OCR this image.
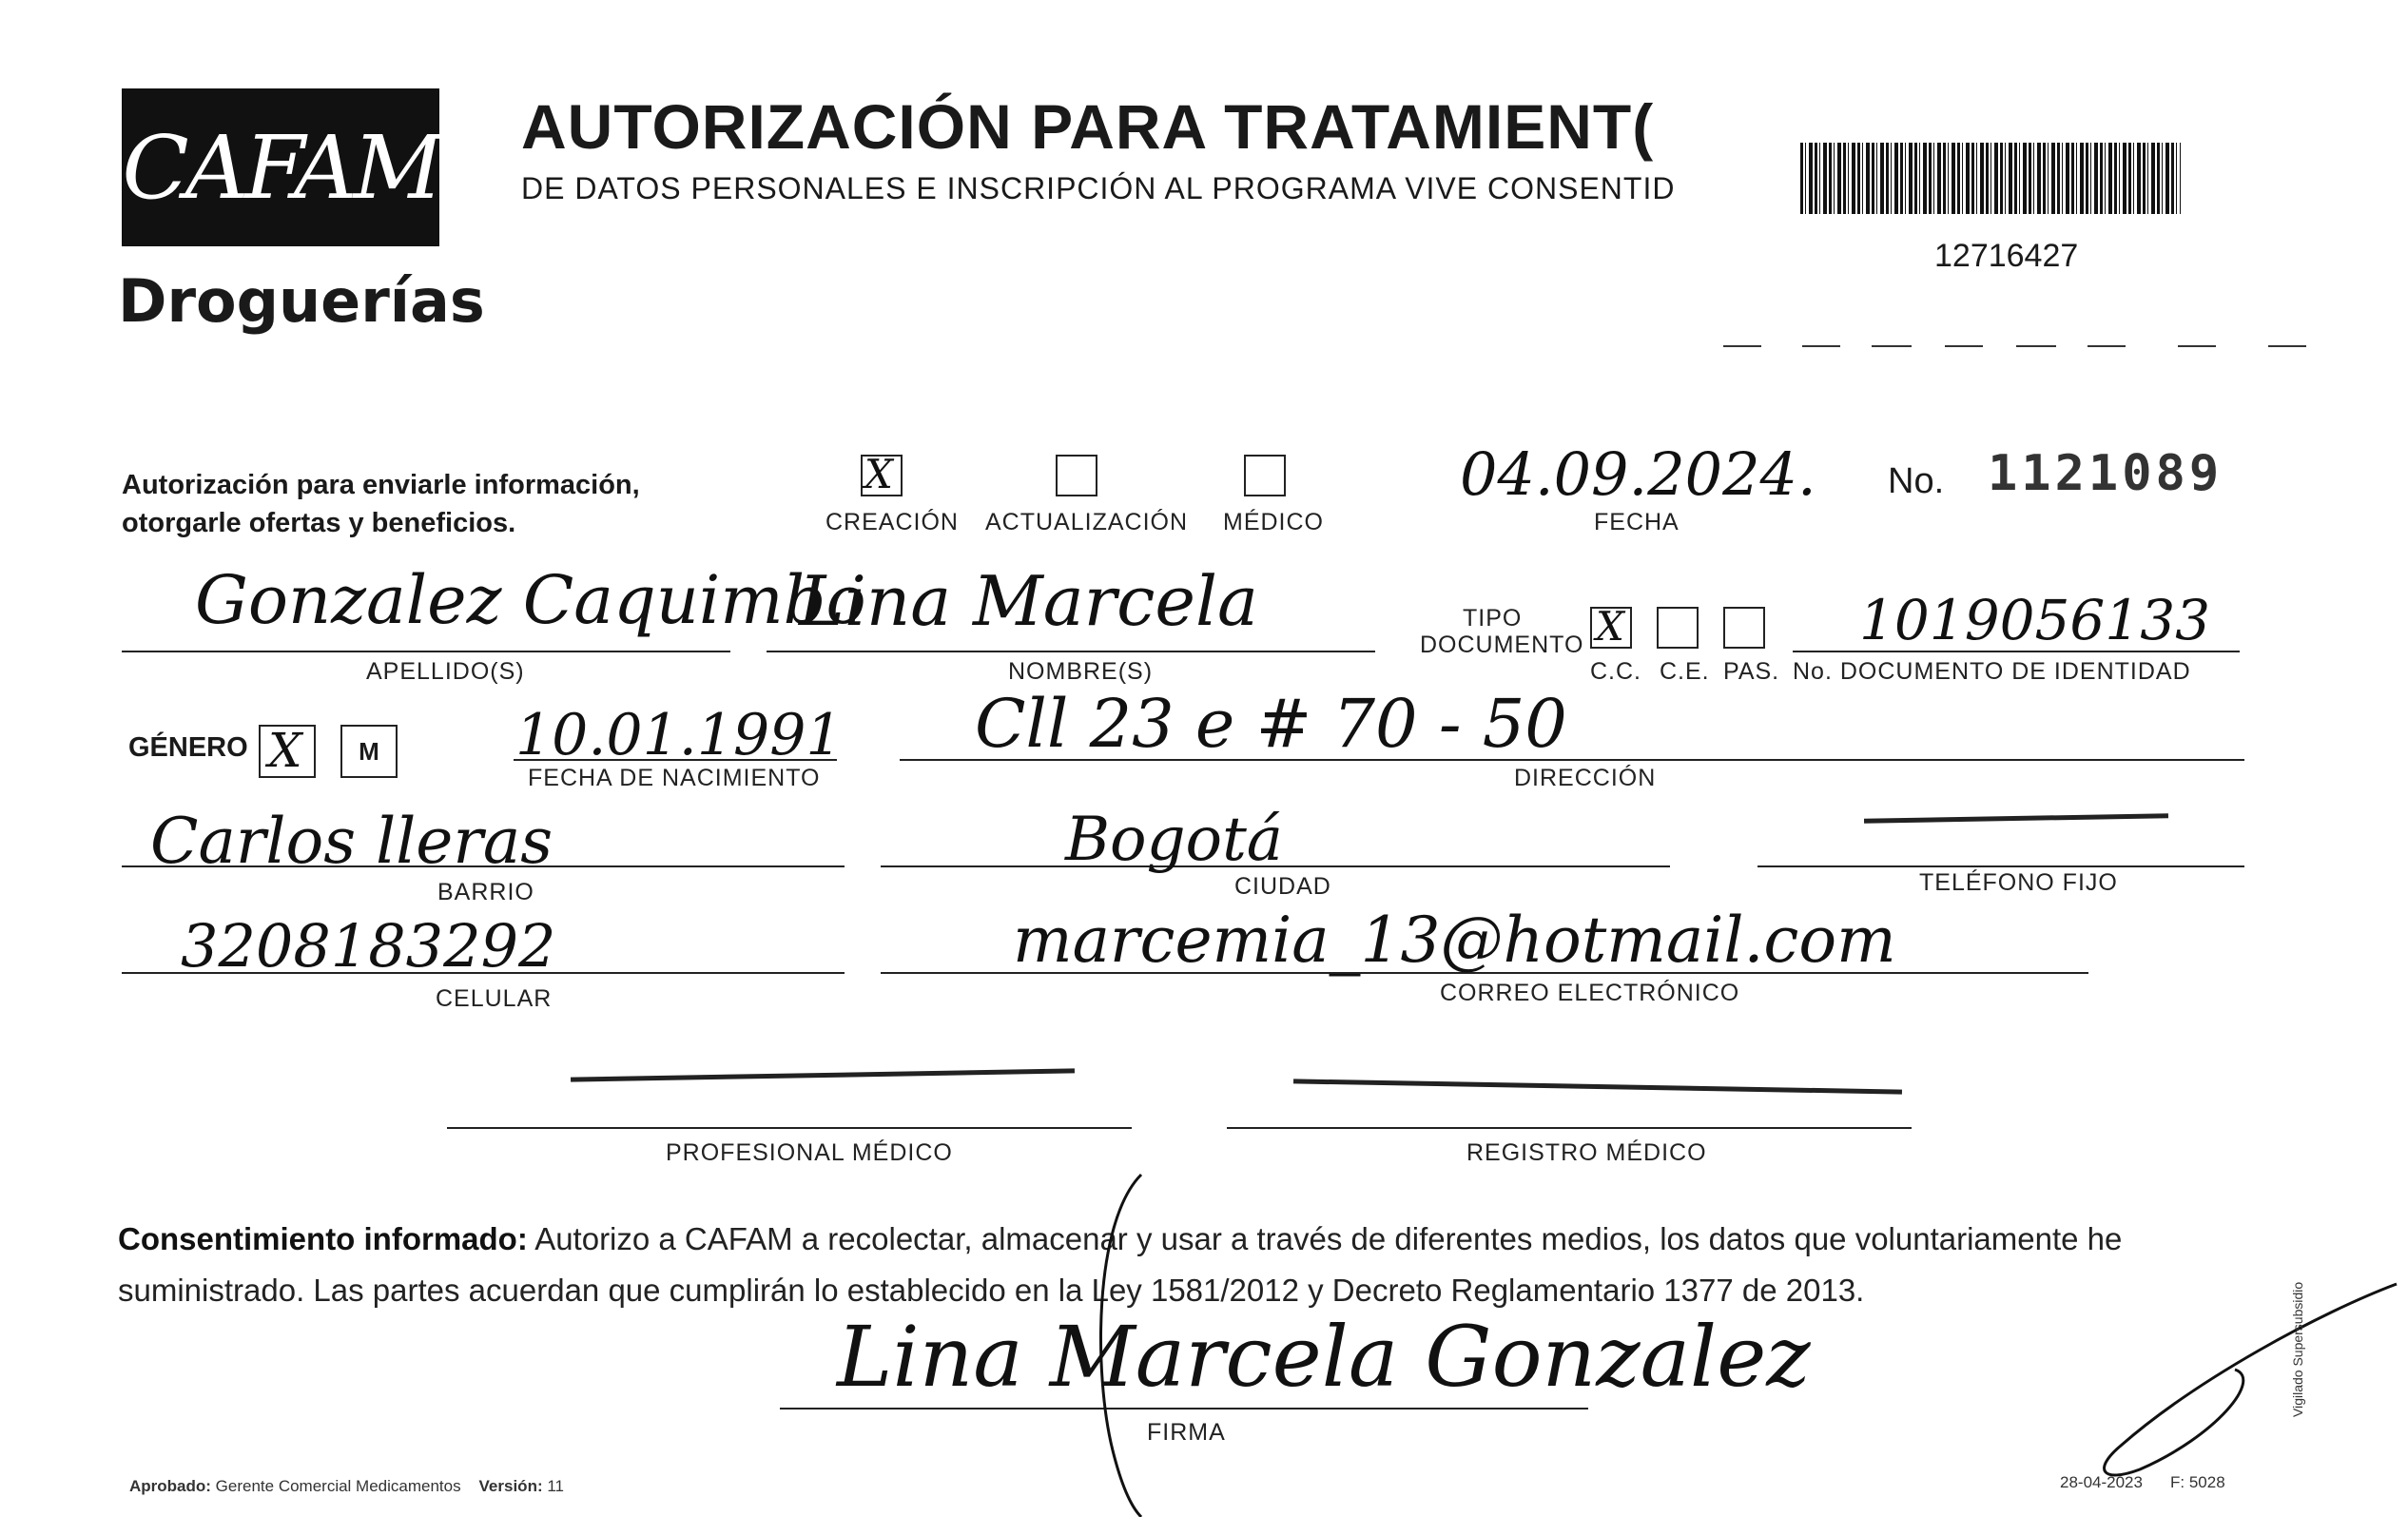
CAFAM
Droguerías
AUTORIZACIÓN PARA TRATAMIENT(
DE DATOS PERSONALES E INSCRIPCIÓN AL PROGRAMA VIVE CONSENTID
12716427
Autorización para enviarle información,
otorgarle ofertas y beneficios.
X
CREACIÓN ACTUALIZACIÓN MÉDICO
04.09.2024.
FECHA
No. 1121089
Gonzalez Caquimbo
APELLIDO(S)
Lina Marcela
NOMBRE(S)
TIPO
DOCUMENTO X
C.C. C.E. PAS.
1019056133
No. DOCUMENTO DE IDENTIDAD
GÉNERO X M 10.01.1991
FECHA DE NACIMIENTO
Cll 23 e # 70 - 50
DIRECCIÓN
Carlos lleras
BARRIO
Bogotá
CIUDAD	TELÉFONO FIJO
3208183292
CELULAR
marcemia_13@hotmail.com
CORREO ELECTRÓNICO
PROFESIONAL MÉDICO	REGISTRO MÉDICO
Consentimiento informado: Autorizo a CAFAM a recolectar, almacenar y usar a través de diferentes medios, los datos que voluntariamente he suministrado. Las partes acuerdan que cumplirán lo establecido en la Ley 1581/2012 y Decreto Reglamentario 1377 de 2013.
Lina Marcela Gonzalez
FIRMA
Aprobado: Gerente Comercial Medicamentos Versión: 11	28-04-2023 F: 5028
Vigilado Supersubsidio
